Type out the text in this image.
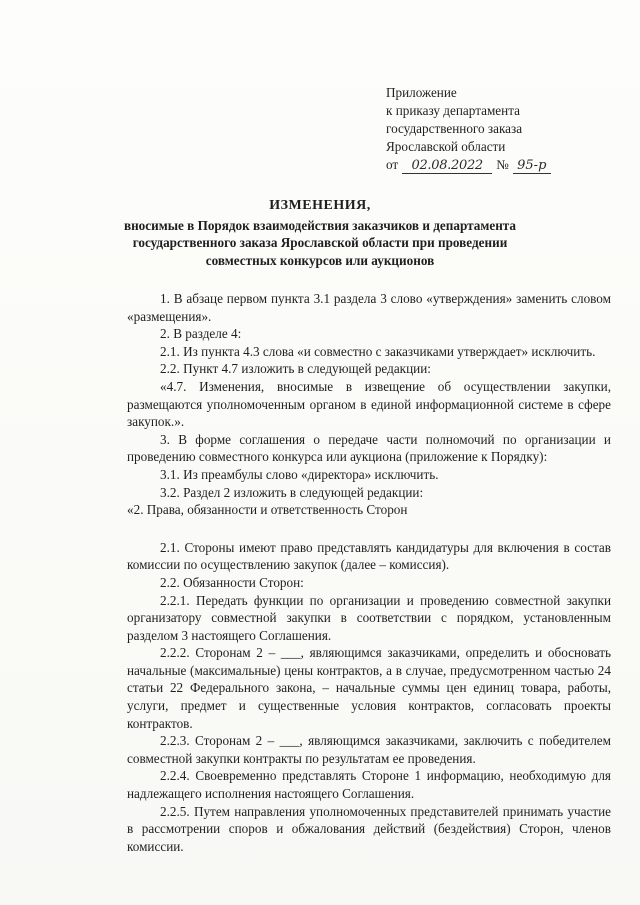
Приложение
к приказу департамента
государственного заказа
Ярославской области
от	02.08.2022	№ 95-р
ИЗМЕНЕНИЯ,
вносимые в Порядок взаимодействия заказчиков и департамента государственного заказа Ярославской области при проведении совместных конкурсов или аукционов

1. В абзаце первом пункта 3.1 раздела 3 слово «утверждения» заменить словом «размещения».

2. В разделе 4:

2.1. Из пункта 4.3 слова «и совместно с заказчиками утверждает» исключить.

2.2. Пункт 4.7 изложить в следующей редакции:

«4.7. Изменения, вносимые в извещение об осуществлении закупки, размещаются уполномоченным органом в единой информационной системе в сфере закупок.».

3. В форме соглашения о передаче части полномочий по организации и проведению совместного конкурса или аукциона (приложение к Порядку):

3.1. Из преамбулы слово «директора» исключить.

3.2. Раздел 2 изложить в следующей редакции:

«2. Права, обязанности и ответственность Сторон

2.1. Стороны имеют право представлять кандидатуры для включения в состав комиссии по осуществлению закупок (далее – комиссия).

2.2. Обязанности Сторон:

2.2.1. Передать функции по организации и проведению совместной закупки организатору совместной закупки в соответствии с порядком, установленным разделом 3 настоящего Соглашения.

2.2.2. Сторонам 2 – ___, являющимся заказчиками, определить и обосновать начальные (максимальные) цены контрактов, а в случае, предусмотренном частью 24 статьи 22 Федерального закона, – начальные суммы цен единиц товара, работы, услуги, предмет и существенные условия контрактов, согласовать проекты контрактов.

2.2.3. Сторонам 2 – ___, являющимся заказчиками, заключить с победителем совместной закупки контракты по результатам ее проведения.

2.2.4. Своевременно представлять Стороне 1 информацию, необходимую для надлежащего исполнения настоящего Соглашения.

2.2.5. Путем направления уполномоченных представителей принимать участие в рассмотрении споров и обжалования действий (бездействия) Сторон, членов комиссии.
